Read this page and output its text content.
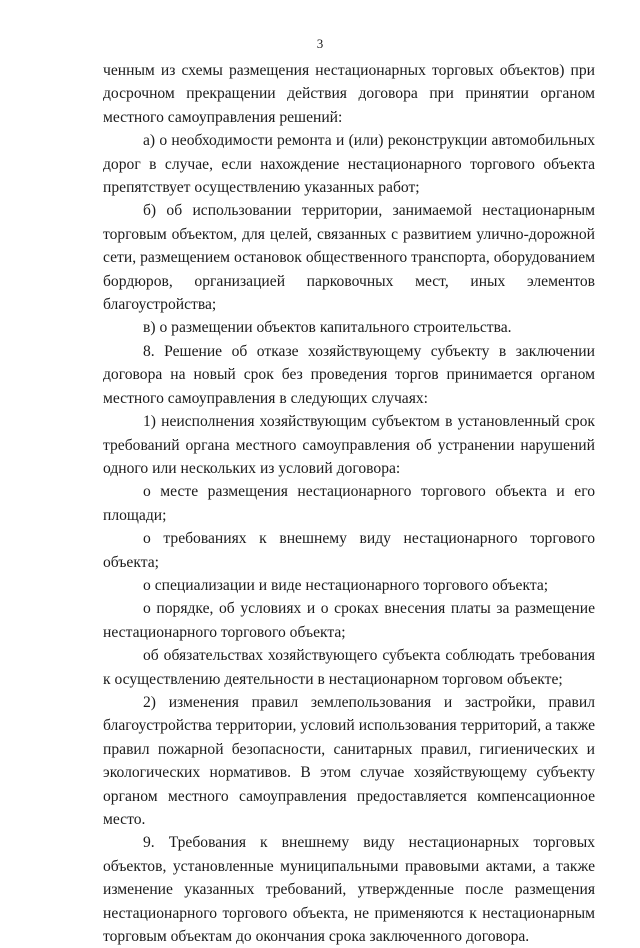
3

ченным из схемы размещения нестационарных торговых объектов) при досрочном прекращении действия договора при принятии органом местного самоуправления решений:

а) о необходимости ремонта и (или) реконструкции автомобильных дорог в случае, если нахождение нестационарного торгового объекта препятствует осуществлению указанных работ;

б) об использовании территории, занимаемой нестационарным торговым объектом, для целей, связанных с развитием улично-дорожной сети, размещением остановок общественного транспорта, оборудованием бордюров, организацией парковочных мест, иных элементов благоустройства;

в) о размещении объектов капитального строительства.

8. Решение об отказе хозяйствующему субъекту в заключении договора на новый срок без проведения торгов принимается органом местного самоуправления в следующих случаях:

1) неисполнения хозяйствующим субъектом в установленный срок требований органа местного самоуправления об устранении нарушений одного или нескольких из условий договора:

о месте размещения нестационарного торгового объекта и его площади;

о требованиях к внешнему виду нестационарного торгового объекта;

о специализации и виде нестационарного торгового объекта;

о порядке, об условиях и о сроках внесения платы за размещение нестационарного торгового объекта;

об обязательствах хозяйствующего субъекта соблюдать требования к осуществлению деятельности в нестационарном торговом объекте;

2) изменения правил землепользования и застройки, правил благоустройства территории, условий использования территорий, а также правил пожарной безопасности, санитарных правил, гигиенических и экологических нормативов. В этом случае хозяйствующему субъекту органом местного самоуправления предоставляется компенсационное место.

9. Требования к внешнему виду нестационарных торговых объектов, установленные муниципальными правовыми актами, а также изменение указанных требований, утвержденные после размещения нестационарного торгового объекта, не применяются к нестационарным торговым объектам до окончания срока заключенного договора.
